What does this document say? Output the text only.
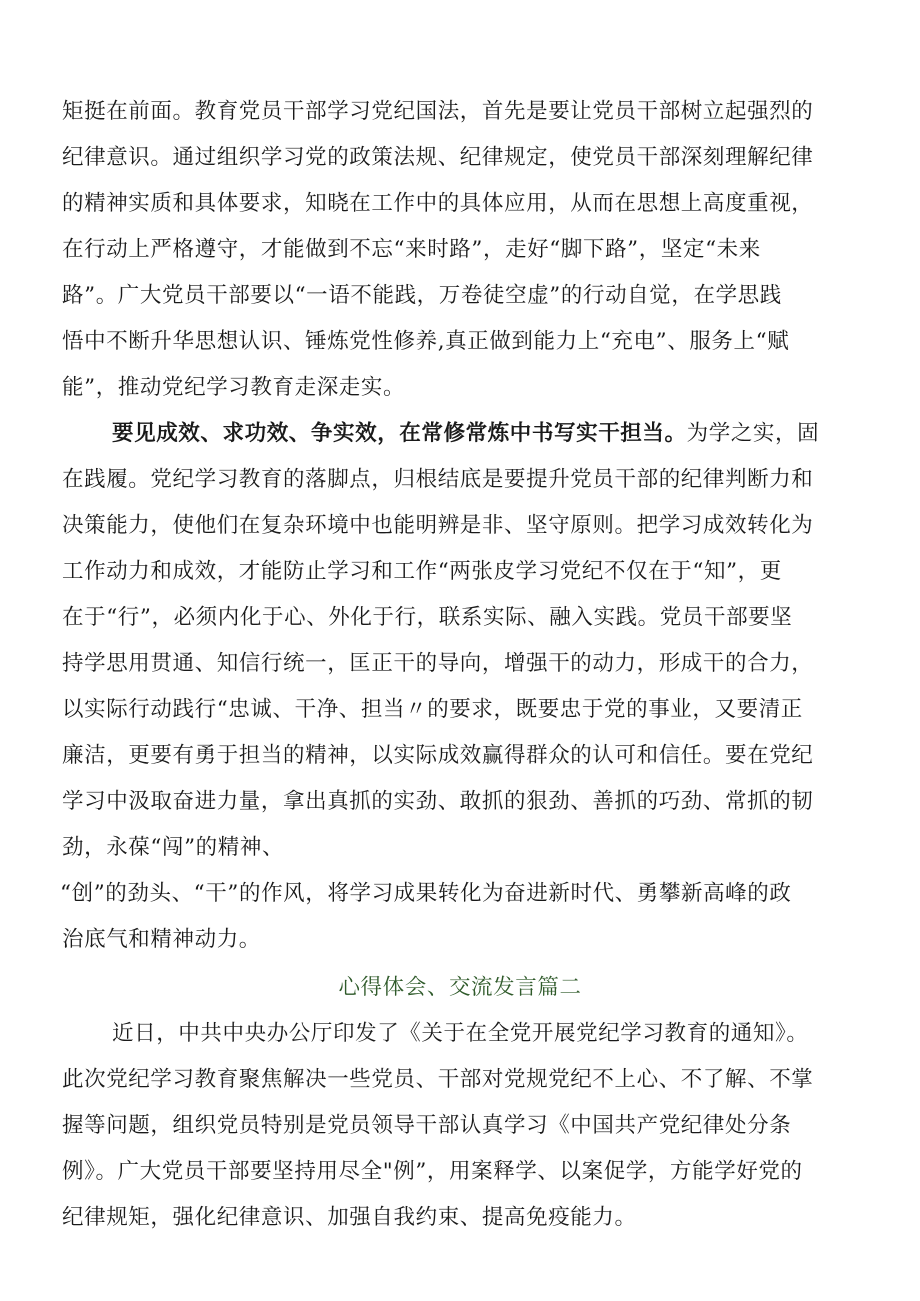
矩挺在前面。教育党员干部学习党纪国法，首先是要让党员干部树立起强烈的
纪律意识。通过组织学习党的政策法规、纪律规定，使党员干部深刻理解纪律
的精神实质和具体要求，知晓在工作中的具体应用，从而在思想上高度重视，
在行动上严格遵守，才能做到不忘“来时路”，走好“脚下路”，坚定“未来
路”。广大党员干部要以“一语不能践，万卷徒空虚”的行动自觉，在学思践
悟中不断升华思想认识、锤炼党性修养,真正做到能力上“充电”、服务上“赋
能”，推动党纪学习教育走深走实。
要见成效、求功效、争实效，在常修常炼中书写实干担当。为学之实，固
在践履。党纪学习教育的落脚点，归根结底是要提升党员干部的纪律判断力和
决策能力，使他们在复杂环境中也能明辨是非、坚守原则。把学习成效转化为
工作动力和成效，才能防止学习和工作“两张皮学习党纪不仅在于“知”，更
在于“行”，必须内化于心、外化于行，联系实际、融入实践。党员干部要坚
持学思用贯通、知信行统一，匡正干的导向，增强干的动力，形成干的合力，
以实际行动践行“忠诚、干净、担当〃的要求，既要忠于党的事业，又要清正
廉洁，更要有勇于担当的精神，以实际成效赢得群众的认可和信任。要在党纪
学习中汲取奋进力量，拿出真抓的实劲、敢抓的狠劲、善抓的巧劲、常抓的韧
劲，永葆“闯”的精神、
“创”的劲头、“干”的作风，将学习成果转化为奋进新时代、勇攀新高峰的政
治底气和精神动力。
心得体会、交流发言篇二
近日，中共中央办公厅印发了《关于在全党开展党纪学习教育的通知》。
此次党纪学习教育聚焦解决一些党员、干部对党规党纪不上心、不了解、不掌
握等问题，组织党员特别是党员领导干部认真学习《中国共产党纪律处分条
例》。广大党员干部要坚持用尽全"例”，用案释学、以案促学，方能学好党的
纪律规矩，强化纪律意识、加强自我约束、提高免疫能力。
